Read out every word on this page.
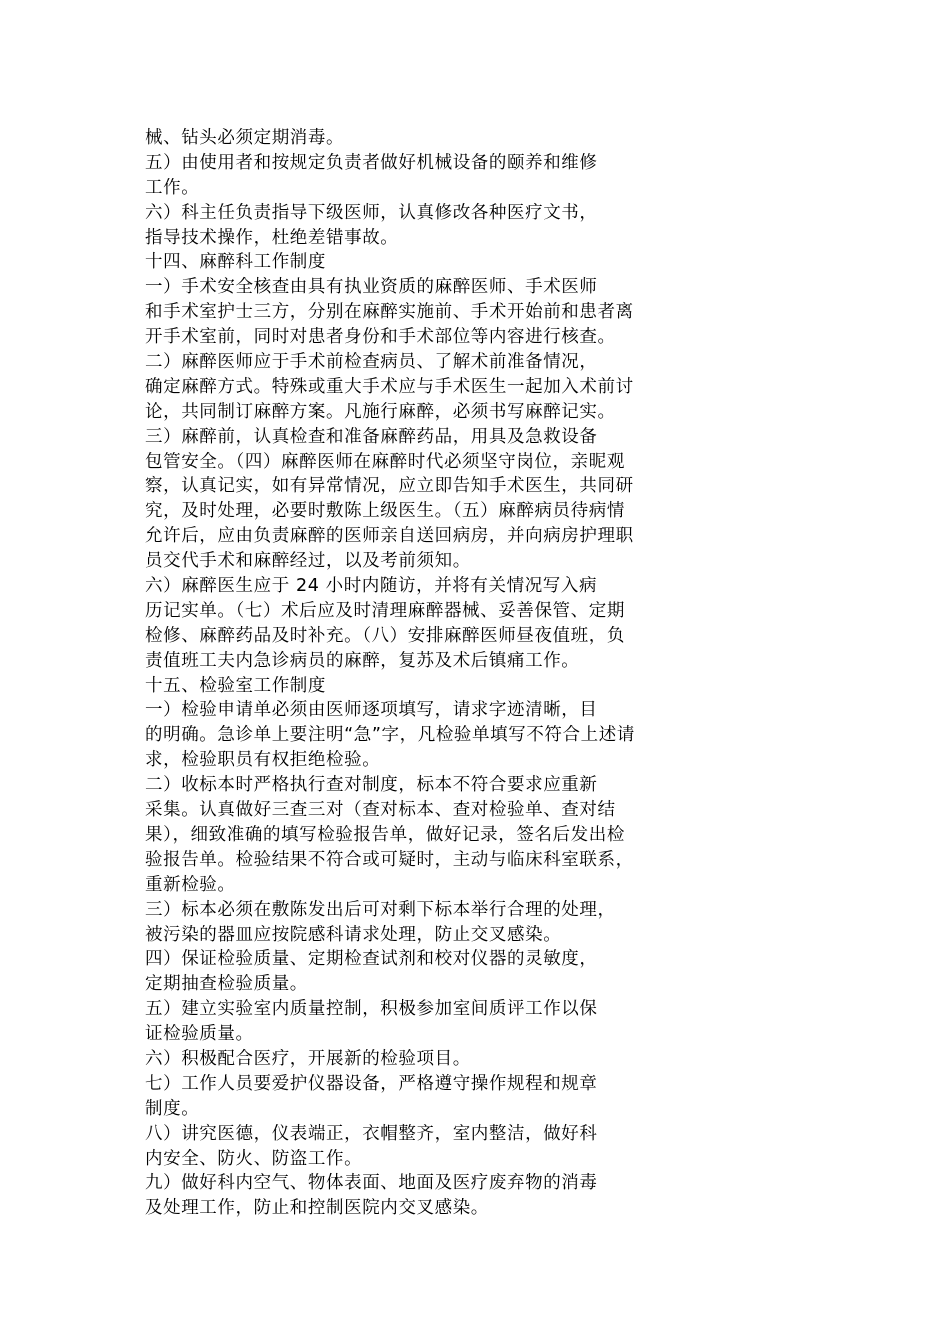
械、钻头必须定期消毒。
五）由使用者和按规定负责者做好机械设备的颐养和维修
工作。
六）科主任负责指导下级医师，认真修改各种医疗文书，
指导技术操作，杜绝差错事故。
十四、麻醉科工作制度
一）手术安全核查由具有执业资质的麻醉医师、手术医师
和手术室护士三方，分别在麻醉实施前、手术开始前和患者离
开手术室前，同时对患者身份和手术部位等内容进行核查。
二）麻醉医师应于手术前检查病员、了解术前准备情况，
确定麻醉方式。特殊或重大手术应与手术医生一起加入术前讨
论，共同制订麻醉方案。凡施行麻醉，必须书写麻醉记实。
三）麻醉前，认真检查和准备麻醉药品，用具及急救设备
包管安全。（四）麻醉医师在麻醉时代必须坚守岗位，亲昵观
察，认真记实，如有异常情况，应立即告知手术医生，共同研
究，及时处理，必要时敷陈上级医生。（五）麻醉病员待病情
允许后，应由负责麻醉的医师亲自送回病房，并向病房护理职
员交代手术和麻醉经过，以及考前须知。
六）麻醉医生应于 24 小时内随访，并将有关情况写入病
历记实单。（七）术后应及时清理麻醉器械、妥善保管、定期
检修、麻醉药品及时补充。（八）安排麻醉医师昼夜值班，负
责值班工夫内急诊病员的麻醉，复苏及术后镇痛工作。
十五、检验室工作制度
一）检验申请单必须由医师逐项填写，请求字迹清晰，目
的明确。急诊单上要注明“急”字，凡检验单填写不符合上述请
求，检验职员有权拒绝检验。
二）收标本时严格执行查对制度，标本不符合要求应重新
采集。认真做好三查三对（查对标本、查对检验单、查对结
果），细致准确的填写检验报告单，做好记录，签名后发出检
验报告单。检验结果不符合或可疑时，主动与临床科室联系，
重新检验。
三）标本必须在敷陈发出后可对剩下标本举行合理的处理，
被污染的器皿应按院感科请求处理，防止交叉感染。
四）保证检验质量、定期检查试剂和校对仪器的灵敏度，
定期抽查检验质量。
五）建立实验室内质量控制，积极参加室间质评工作以保
证检验质量。
六）积极配合医疗，开展新的检验项目。
七）工作人员要爱护仪器设备，严格遵守操作规程和规章
制度。
八）讲究医德，仪表端正，衣帽整齐，室内整洁，做好科
内安全、防火、防盗工作。
九）做好科内空气、物体表面、地面及医疗废弃物的消毒
及处理工作，防止和控制医院内交叉感染。
